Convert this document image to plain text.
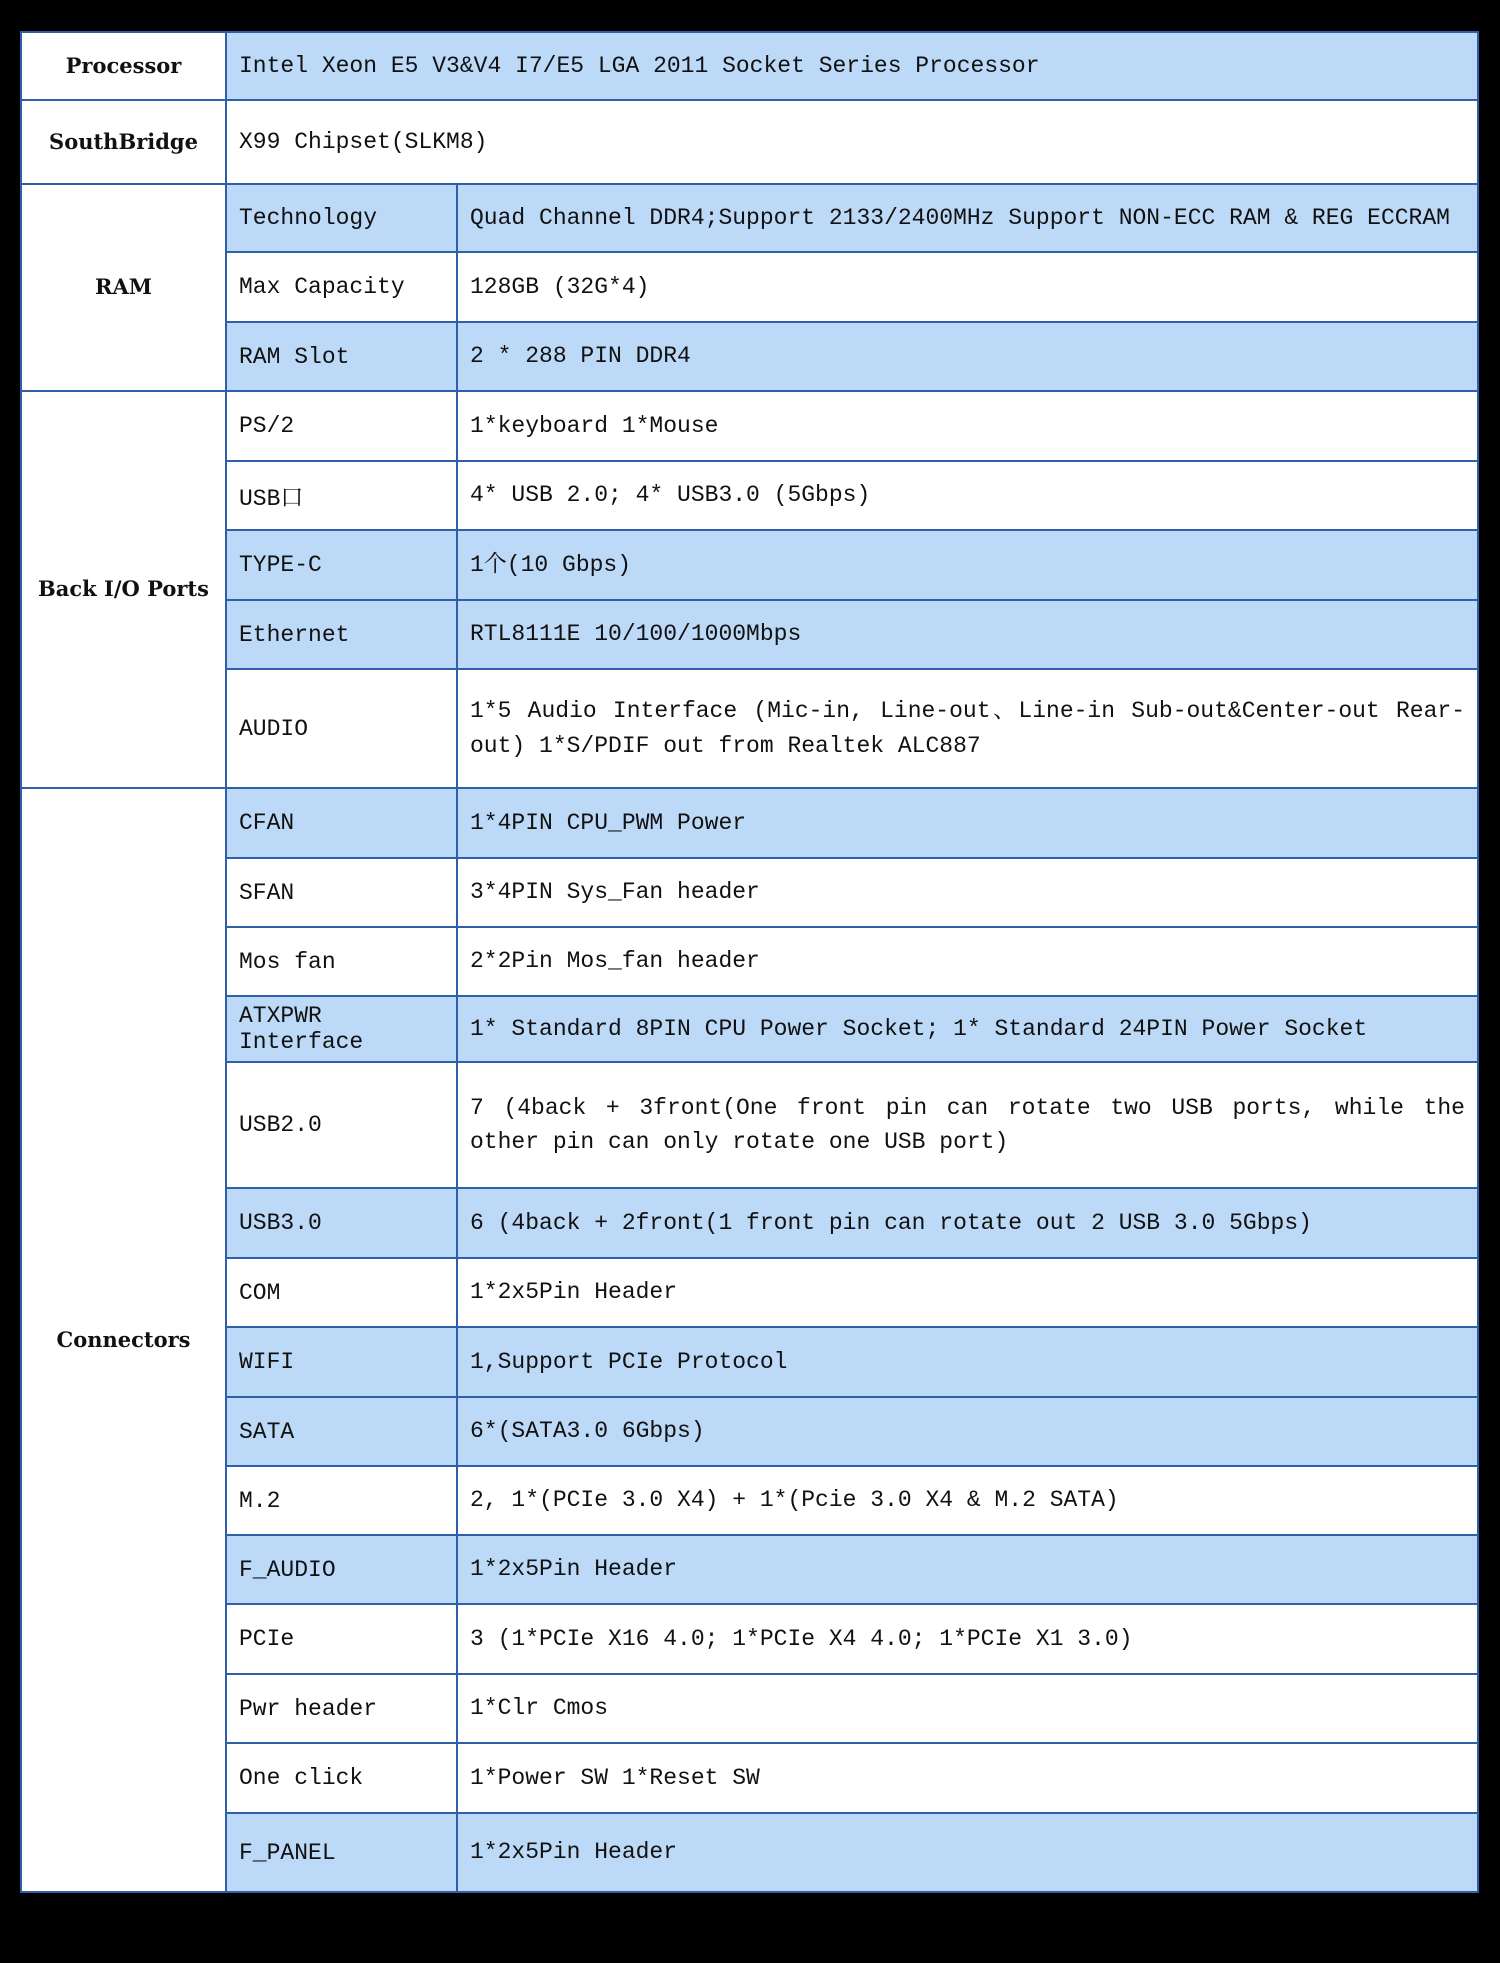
Processor	Intel Xeon E5 V3&V4 I7/E5 LGA 2011 Socket Series Processor	
SouthBridge	X99 Chipset(SLKM8)	
RAM	Technology	Quad Channel DDR4;Support 2133/2400MHz Support NON-ECC RAM & REG ECCRAM
	Max Capacity	128GB (32G*4)
	RAM Slot	2 * 288 PIN DDR4
Back I/O Ports	PS/2	1*keyboard 1*Mouse
	USB口	4* USB 2.0; 4* USB3.0 (5Gbps)
	TYPE-C	1个(10 Gbps)
	Ethernet	RTL8111E 10/100/1000Mbps
	AUDIO	1*5 Audio Interface (Mic-in, Line-out、Line-in Sub-out&Center-out Rear-out) 1*S/PDIF out from Realtek ALC887
Connectors	CFAN	1*4PIN CPU_PWM Power
	SFAN	3*4PIN Sys_Fan header
	Mos fan	2*2Pin Mos_fan header
	ATXPWR Interface	1* Standard 8PIN CPU Power Socket; 1* Standard 24PIN Power Socket
	USB2.0	7 (4back + 3front(One front pin can rotate two USB ports, while the other pin can only rotate one USB port)
	USB3.0	6 (4back + 2front(1 front pin can rotate out 2 USB 3.0 5Gbps)
	COM	1*2x5Pin Header
	WIFI	1,Support PCIe Protocol
	SATA	6*(SATA3.0 6Gbps)
	M.2	2, 1*(PCIe 3.0 X4) + 1*(Pcie 3.0 X4 & M.2 SATA)
	F_AUDIO	1*2x5Pin Header
	PCIe	3 (1*PCIe X16 4.0; 1*PCIe X4 4.0; 1*PCIe X1 3.0)
	Pwr header	1*Clr Cmos
	One click	1*Power SW 1*Reset SW
	F_PANEL	1*2x5Pin Header
